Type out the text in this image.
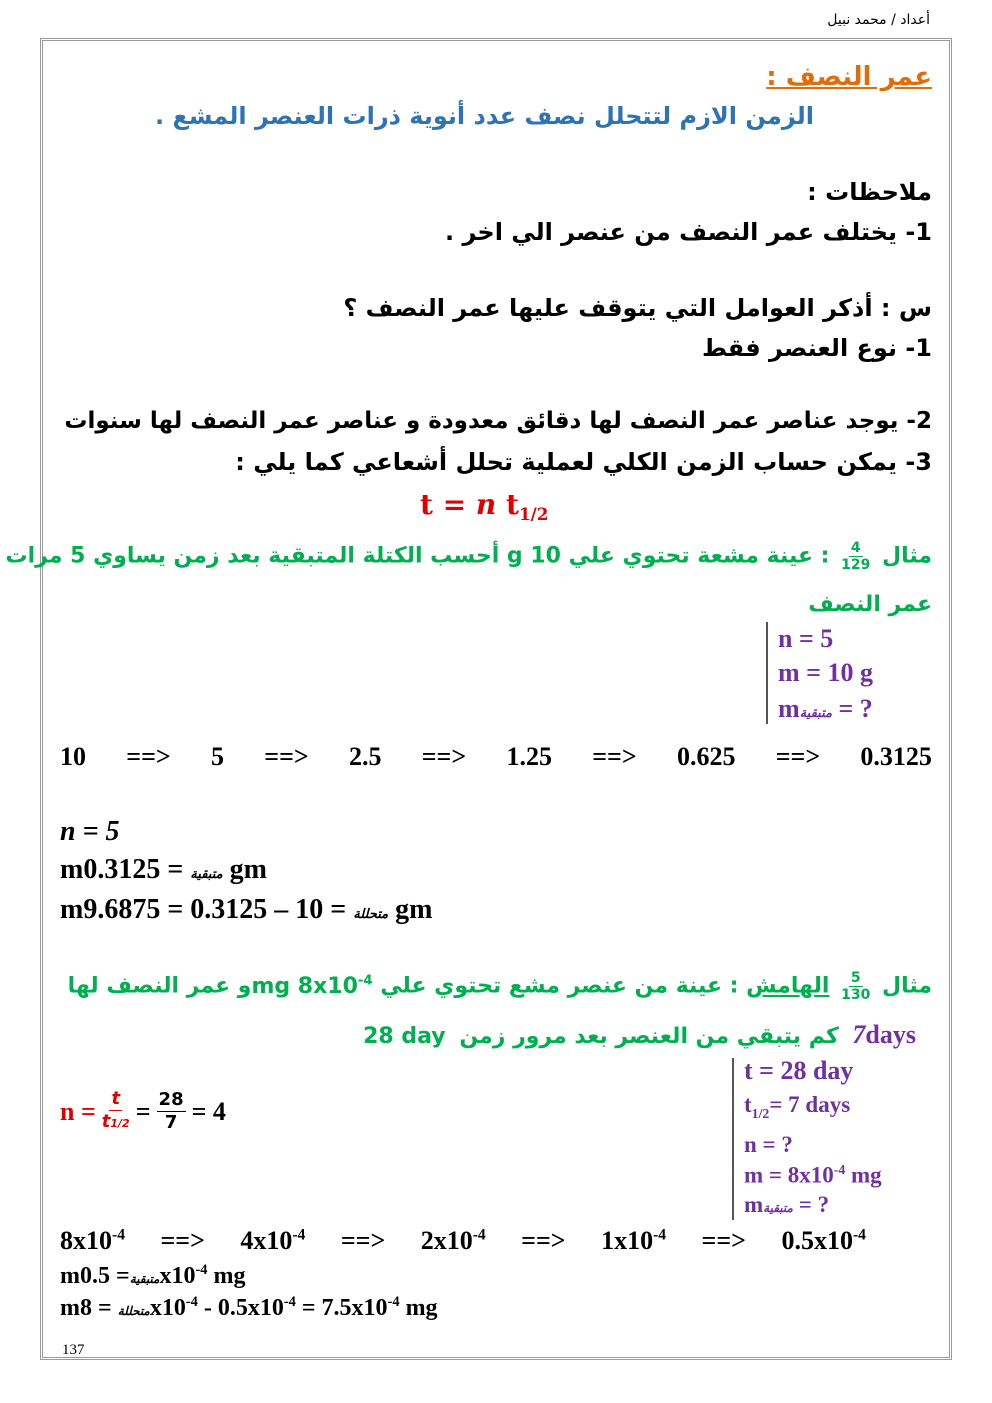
أعداد / محمد نبيل
عمر النصف :
الزمن الازم لتتحلل نصف عدد أنوية ذرات العنصر المشع .
ملاحظات :
1- يختلف عمر النصف من عنصر الي اخر .
س : أذكر العوامل التي يتوقف عليها عمر النصف ؟
1- نوع العنصر فقط
2- يوجد عناصر عمر النصف لها دقائق معدودة و عناصر عمر النصف لها سنوات
3- يمكن حساب الزمن الكلي لعملية تحلل أشعاعي كما يلي :
t = n $t_{1/2}$
مثال
$\frac{4}{129}$
: عينة مشعة تحتوي علي 10 g أحسب الكتلة المتبقية بعد زمن يساوي 5 مرات
عمر النصف
n = 5
m = 10 g
mمتبقية = ?
10 ==> 5 ==> 2.5 ==> 1.25 ==> 0.625 ==> 0.3125
n = 5
m	متبقية = 0.3125 gm
m	متحللة = 10 – 0.3125 = 9.6875 gm
مثال
$\frac{5}{130}$
الهامش : عينة من عنصر مشع تحتوي علي mg $8x10^{-4}و$ عمر النصف لها
7days كم يتبقي من العنصر بعد مرور زمن 28 day
t = 28 day
$t_{1/2}= 7$ days
n = ?
$m = 8x10^{-4}$ mg
mمتبقية = ?
$n = \frac{t}{t1/2} = \frac{28}{7} = 4$
$8x10^{-4}$ ==> $4x10^{-4}$ ==> $2x10^{-4}$ ==> $1x10^{-4}$ ==> $0.5x10^{-4}$
m	متبقية= $0.5x10^{-4}$ mg
m	متحللة = $8x10^{-4} - 0.5x10^{-4} = 7.5x10^{-4}$ mg
137
